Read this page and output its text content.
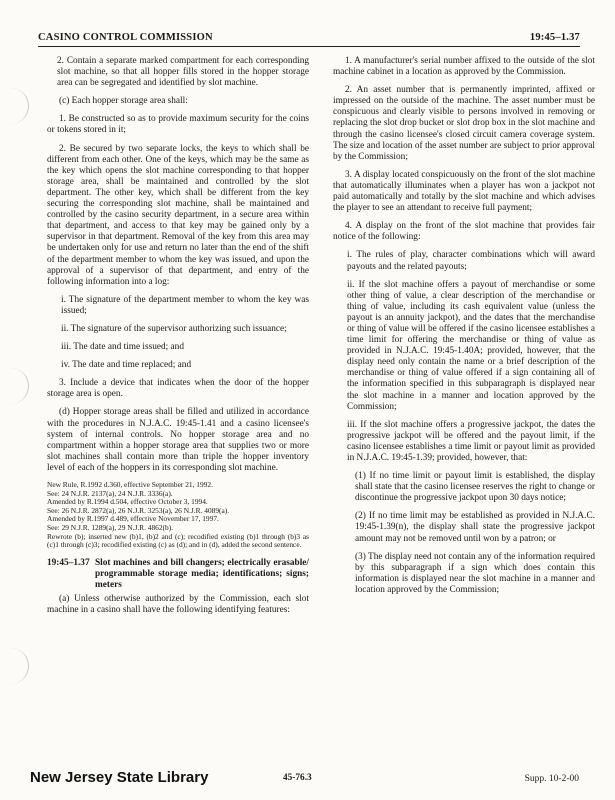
CASINO CONTROL COMMISSION	19:45–1.37

2. Contain a separate marked compartment for each corresponding slot machine, so that all hopper fills stored in the hopper storage area can be segregated and identified by slot machine.

(c) Each hopper storage area shall:

1. Be constructed so as to provide maximum security for the coins or tokens stored in it;

2. Be secured by two separate locks, the keys to which shall be different from each other. One of the keys, which may be the same as the key which opens the slot machine corresponding to that hopper storage area, shall be maintained and controlled by the slot department. The other key, which shall be different from the key securing the corresponding slot machine, shall be maintained and controlled by the casino security department, in a secure area within that department, and access to that key may be gained only by a supervisor in that department. Removal of the key from this area may be undertaken only for use and return no later than the end of the shift of the department member to whom the key was issued, and upon the approval of a supervisor of that department, and entry of the following information into a log:

i. The signature of the department member to whom the key was issued;

ii. The signature of the supervisor authorizing such issuance;

iii. The date and time issued; and

iv. The date and time replaced; and

3. Include a device that indicates when the door of the hopper storage area is open.

(d) Hopper storage areas shall be filled and utilized in accordance with the procedures in N.J.A.C. 19:45-1.41 and a casino licensee's system of internal controls. No hopper storage area and no compartment within a hopper storage area that supplies two or more slot machines shall contain more than triple the hopper inventory level of each of the hoppers in its corresponding slot machine.

New Rule, R.1992 d.360, effective September 21, 1992.
See: 24 N.J.R. 2137(a), 24 N.J.R. 3336(a).
Amended by R.1994 d.504, effective October 3, 1994.
See: 26 N.J.R. 2872(a), 26 N.J.R. 3253(a), 26 N.J.R. 4089(a).
Amended by R.1997 d.489, effective November 17, 1997.
See: 29 N.J.R. 1289(a), 29 N.J.R. 4862(b).
Rewrote (b); inserted new (b)1, (b)2 and (c); recodified existing (b)1 through (b)3 as (c)1 through (c)3; recodified existing (c) as (d); and in (d), added the second sentence.
19:45–1.37 Slot machines and bill changers; electrically erasable/ programmable storage media; identifications; signs; meters

(a) Unless otherwise authorized by the Commission, each slot machine in a casino shall have the following identifying features:

1. A manufacturer's serial number affixed to the outside of the slot machine cabinet in a location as approved by the Commission.

2. An asset number that is permanently imprinted, affixed or impressed on the outside of the machine. The asset number must be conspicuous and clearly visible to persons involved in removing or replacing the slot drop bucket or slot drop box in the slot machine and through the casino licensee's closed circuit camera coverage system. The size and location of the asset number are subject to prior approval by the Commission;

3. A display located conspicuously on the front of the slot machine that automatically illuminates when a player has won a jackpot not paid automatically and totally by the slot machine and which advises the player to see an attendant to receive full payment;

4. A display on the front of the slot machine that provides fair notice of the following:

i. The rules of play, character combinations which will award payouts and the related payouts;

ii. If the slot machine offers a payout of merchandise or some other thing of value, a clear description of the merchandise or thing of value, including its cash equivalent value (unless the payout is an annuity jackpot), and the dates that the merchandise or thing of value will be offered if the casino licensee establishes a time limit for offering the merchandise or thing of value as provided in N.J.A.C. 19:45-1.40A; provided, however, that the display need only contain the name or a brief description of the merchandise or thing of value offered if a sign containing all of the information specified in this subparagraph is displayed near the slot machine in a manner and location approved by the Commission;

iii. If the slot machine offers a progressive jackpot, the dates the progressive jackpot will be offered and the payout limit, if the casino licensee establishes a time limit or payout limit as provided in N.J.A.C. 19:45-1.39; provided, however, that:

(1) If no time limit or payout limit is established, the display shall state that the casino licensee reserves the right to change or discontinue the progressive jackpot upon 30 days notice;

(2) If no time limit may be established as provided in N.J.A.C. 19:45-1.39(n), the display shall state the progressive jackpot amount may not be removed until won by a patron; or

(3) The display need not contain any of the information required by this subparagraph if a sign which does contain this information is displayed near the slot machine in a manner and location approved by the Commission;

New Jersey State Library	45-76.3	Supp. 10-2-00
